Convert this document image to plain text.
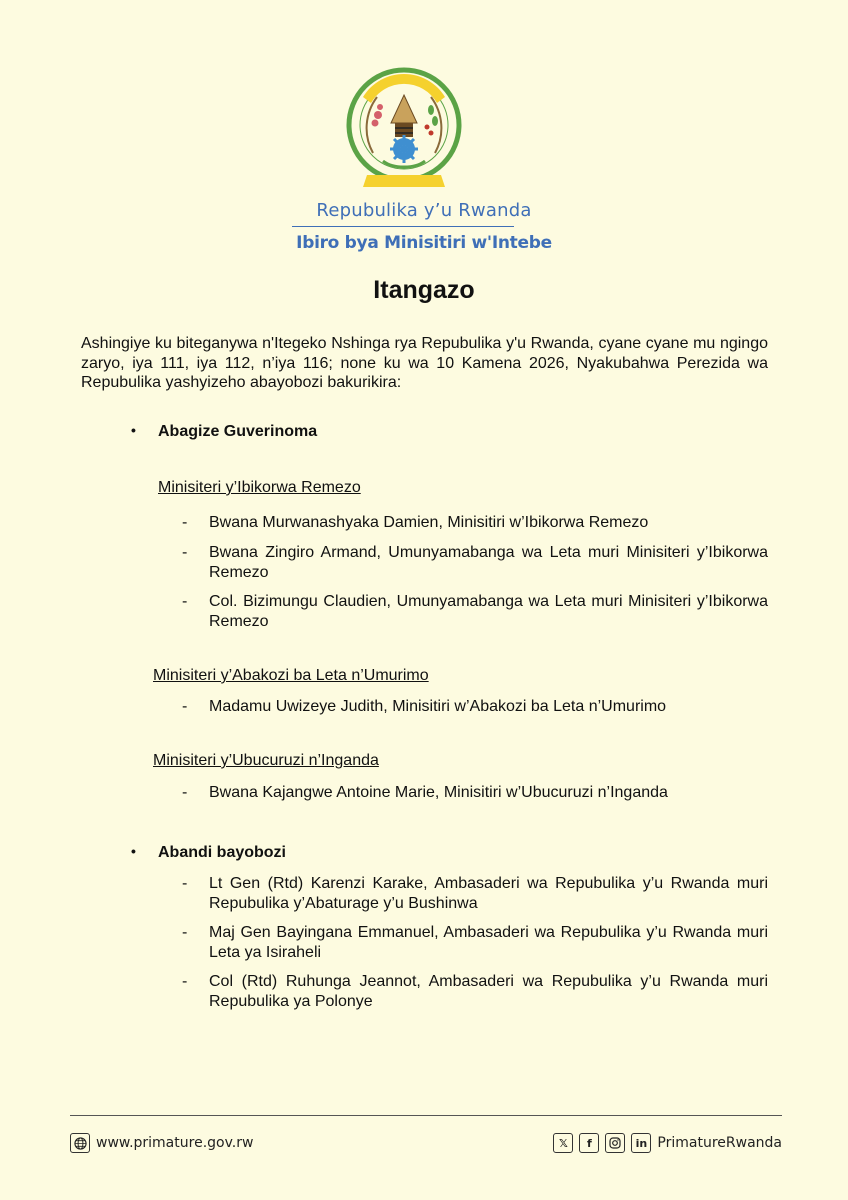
Repubulika y’u Rwanda
Ibiro bya Minisitiri w'Intebe
Itangazo
Ashingiye ku biteganywa n'Itegeko Nshinga rya Repubulika y'u Rwanda, cyane cyane mu ngingo zaryo, iya 111, iya 112, n’iya 116; none ku wa 10 Kamena 2026, Nyakubahwa Perezida wa Repubulika yashyizeho abayobozi bakurikira:
• Abagize Guverinoma
Minisiteri y’Ibikorwa Remezo
- Bwana Murwanashyaka Damien, Minisitiri w’Ibikorwa Remezo
- Bwana Zingiro Armand, Umunyamabanga wa Leta muri Minisiteri y’Ibikorwa Remezo
- Col. Bizimungu Claudien, Umunyamabanga wa Leta muri Minisiteri y’Ibikorwa Remezo
Minisiteri y’Abakozi ba Leta n’Umurimo
- Madamu Uwizeye Judith, Minisitiri w’Abakozi ba Leta n’Umurimo
Minisiteri y’Ubucuruzi n’Inganda
- Bwana Kajangwe Antoine Marie, Minisitiri w’Ubucuruzi n’Inganda
• Abandi bayobozi
- Lt Gen (Rtd) Karenzi Karake, Ambasaderi wa Repubulika y’u Rwanda muri Repubulika y’Abaturage y’u Bushinwa
- Maj Gen Bayingana Emmanuel, Ambasaderi wa Repubulika y’u Rwanda muri Leta ya Isiraheli
- Col (Rtd) Ruhunga Jeannot, Ambasaderi wa Repubulika y’u Rwanda muri Repubulika ya Polonye
www.primature.gov.rw	𝕏	f	in PrimatureRwanda
